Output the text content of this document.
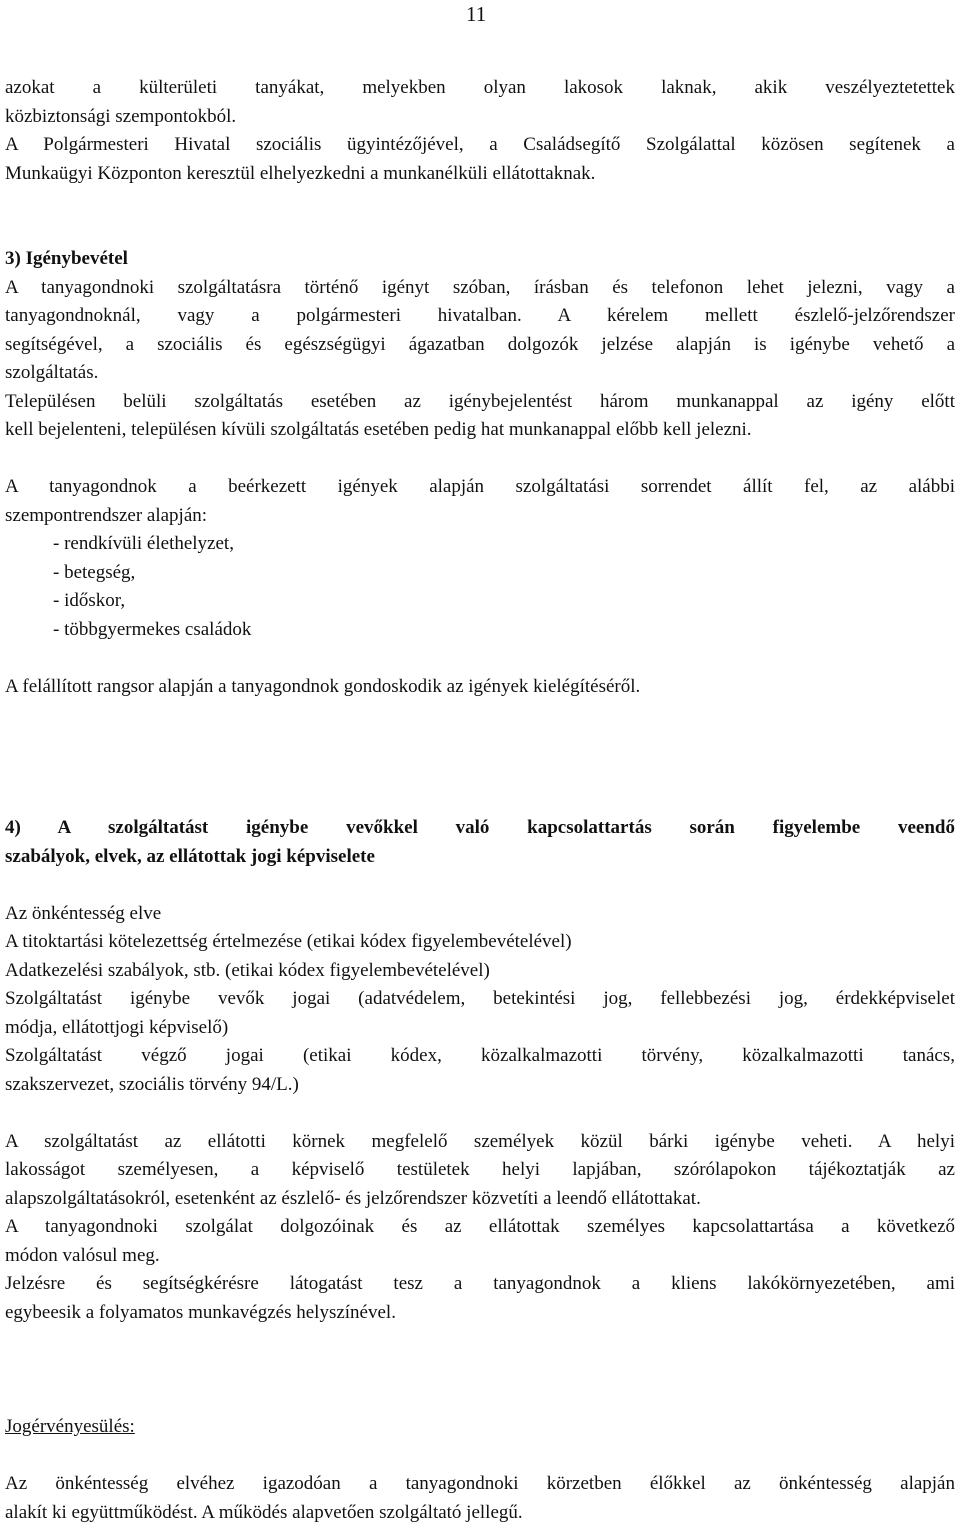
11

azokat a külterületi tanyákat, melyekben olyan lakosok laknak, akik veszélyeztetettek

közbiztonsági szempontokból.

A Polgármesteri Hivatal szociális ügyintézőjével, a Családsegítő Szolgálattal közösen segítenek a

Munkaügyi Központon keresztül elhelyezkedni a munkanélküli ellátottaknak.

3) Igénybevétel

A tanyagondnoki szolgáltatásra történő igényt szóban, írásban és telefonon lehet jelezni, vagy a

tanyagondnoknál, vagy a polgármesteri hivatalban. A kérelem mellett észlelő-jelzőrendszer

segítségével, a szociális és egészségügyi ágazatban dolgozók jelzése alapján is igénybe vehető a

szolgáltatás.

Településen belüli szolgáltatás esetében az igénybejelentést három munkanappal az igény előtt

kell bejelenteni, településen kívüli szolgáltatás esetében pedig hat munkanappal előbb kell jelezni.

A tanyagondnok a beérkezett igények alapján szolgáltatási sorrendet állít fel, az alábbi

szempontrendszer alapján:

- rendkívüli élethelyzet,

- betegség,

- időskor,

- többgyermekes családok

A felállított rangsor alapján a tanyagondnok gondoskodik az igények kielégítéséről.

4) A szolgáltatást igénybe vevőkkel való kapcsolattartás során figyelembe veendő

szabályok, elvek, az ellátottak jogi képviselete

Az önkéntesség elve

A titoktartási kötelezettség értelmezése (etikai kódex figyelembevételével)

Adatkezelési szabályok, stb. (etikai kódex figyelembevételével)

Szolgáltatást igénybe vevők jogai (adatvédelem, betekintési jog, fellebbezési jog, érdekképviselet

módja, ellátottjogi képviselő)

Szolgáltatást végző jogai (etikai kódex, közalkalmazotti törvény, közalkalmazotti tanács,

szakszervezet, szociális törvény 94/L.)

A szolgáltatást az ellátotti körnek megfelelő személyek közül bárki igénybe veheti. A helyi

lakosságot személyesen, a képviselő testületek helyi lapjában, szórólapokon tájékoztatják az

alapszolgáltatásokról, esetenként az észlelő- és jelzőrendszer közvetíti a leendő ellátottakat.

A tanyagondnoki szolgálat dolgozóinak és az ellátottak személyes kapcsolattartása a következő

módon valósul meg.

Jelzésre és segítségkérésre látogatást tesz a tanyagondnok a kliens lakókörnyezetében, ami

egybeesik a folyamatos munkavégzés helyszínével.

Jogérvényesülés:

Az önkéntesség elvéhez igazodóan a tanyagondnoki körzetben élőkkel az önkéntesség alapján

alakít ki együttműködést. A működés alapvetően szolgáltató jellegű.
